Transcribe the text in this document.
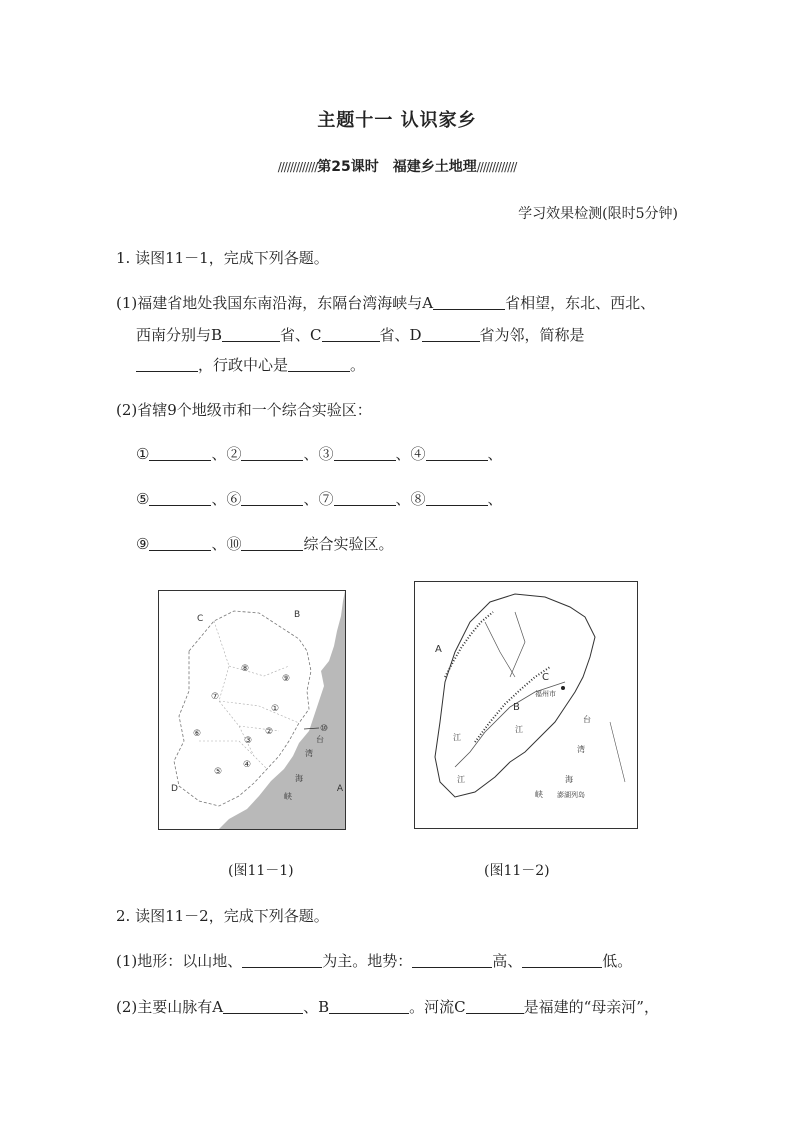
主题十一 认识家乡
/////////////第25课时　福建乡土地理/////////////
学习效果检测(限时5分钟)
1. 读图11－1，完成下列各题。
(1)福建省地处我国东南沿海，东隔台湾海峡与A	省相望，东北、西北、
西南分别与B	省、C	省、D	省为邻，简称是
，行政中心是	。
(2)省辖9个地级市和一个综合实验区：
①	、②	、③	、④	、
⑤	、⑥	、⑦	、⑧	、
⑨	、⑩	综合实验区。
A
B
C
D
①
②
③
④
⑤
⑥
⑦
⑧
⑨
⑩
台
湾
海
峡
(图11－1)
A
B
C
福州市
江
江
江
台
湾
海
峡 澎湖列岛
(图11－2)
2. 读图11－2，完成下列各题。
(1)地形：以山地、	为主。地势：	高、	低。
(2)主要山脉有A	、B	。河流C	是福建的“母亲河”，
